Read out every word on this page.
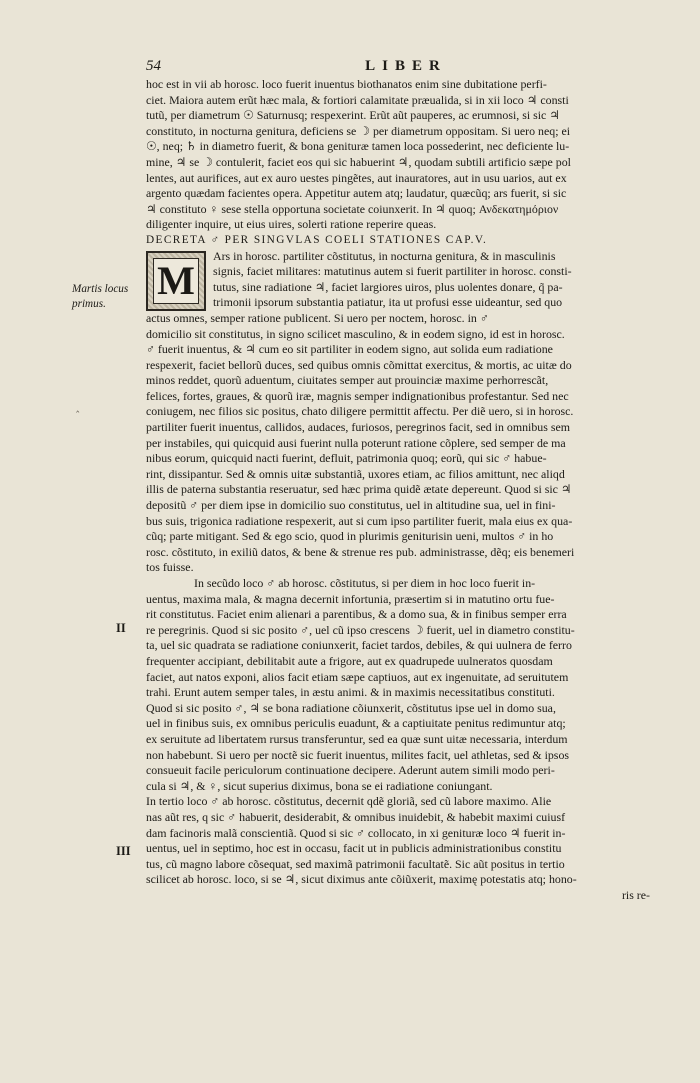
54	LIBER
Martis locus primus.
‸
II
III

hoc est in vii ab horosc. loco fuerit inuentus biothanatos enim sine dubitatione perfi-

ciet. Maiora autem erũt hæc mala, & fortiori calamitate præualida, si in xii loco ♃ consti

tutũ, per diametrum ☉ Saturnusq; respexerint. Erũt aũt pauperes, ac erumnosi, si sic ♃

constituto, in nocturna genitura, deficiens se ☽ per diametrum oppositam. Si uero neq; ei

☉, neq; ♄ in diametro fuerit, & bona genituræ tamen loca possederint, nec deficiente lu-

mine, ♃ se ☽ contulerit, faciet eos qui sic habuerint ♃, quodam subtili artificio sæpe pol

lentes, aut aurifices, aut ex auro uestes pingẽtes, aut inauratores, aut in usu uarios, aut ex

argento quædam facientes opera. Appetitur autem atq; laudatur, quæcũq; ars fuerit, si sic

♃ constituto ♀ sese stella opportuna societate coiunxerit. In ♃ quoq; Ανδεκατημόριον

diligenter inquire, ut eius uires, solerti ratione reperire queas.

DECRETA ♂ PER SINGVLAS COELI STATIONES CAP.V.

M

Ars in horosc. partiliter cõstitutus, in nocturna genitura, & in masculinis

signis, faciet militares: matutinus autem si fuerit partiliter in horosc. consti-

tutus, sine radiatione ♃, faciet largiores uiros, plus uolentes donare, q̃ pa-

trimonii ipsorum substantia patiatur, ita ut profusi esse uideantur, sed quo

actus omnes, semper ratione publicent. Si uero per noctem, horosc. in ♂

domicilio sit constitutus, in signo scilicet masculino, & in eodem signo, id est in horosc.

♂ fuerit inuentus, & ♃ cum eo sit partiliter in eodem signo, aut solida eum radiatione

respexerit, faciet bellorũ duces, sed quibus omnis cõmittat exercitus, & mortis, ac uitæ do

minos reddet, quorũ aduentum, ciuitates semper aut prouinciæ maxime perhorrescãt,

felices, fortes, graues, & quorũ iræ, magnis semper indignationibus profestantur. Sed nec

coniugem, nec filios sic positus, chato diligere permittit affectu. Per diẽ uero, si in horosc.

partiliter fuerit inuentus, callidos, audaces, furiosos, peregrinos facit, sed in omnibus sem

per instabiles, qui quicquid ausi fuerint nulla poterunt ratione cõplere, sed semper de ma

nibus eorum, quicquid nacti fuerint, defluit, patrimonia quoq; eorũ, qui sic ♂ habue-

rint, dissipantur. Sed & omnis uitæ substantiã, uxores etiam, ac filios amittunt, nec aliqd

illis de paterna substantia reseruatur, sed hæc prima quidẽ ætate depereunt. Quod si sic ♃

depositũ ♂ per diem ipse in domicilio suo constitutus, uel in altitudine sua, uel in fini-

bus suis, trigonica radiatione respexerit, aut si cum ipso partiliter fuerit, mala eius ex qua-

cũq; parte mitigant. Sed & ego scio, quod in plurimis geniturisin ueni, multos ♂ in ho

rosc. cõstituto, in exiliũ datos, & bene & strenue res pub. administrasse, dẽq; eis benemeri

tos fuisse.

In secũdo loco ♂ ab horosc. cõstitutus, si per diem in hoc loco fuerit in-

uentus, maxima mala, & magna decernit infortunia, præsertim si in matutino ortu fue-

rit constitutus. Faciet enim alienari a parentibus, & a domo sua, & in finibus semper erra

re peregrinis. Quod si sic posito ♂, uel cũ ipso crescens ☽ fuerit, uel in diametro constitu-

ta, uel sic quadrata se radiatione coniunxerit, faciet tardos, debiles, & qui uulnera de ferro

frequenter accipiant, debilitabit aute a frigore, aut ex quadrupede uulneratos quosdam

faciet, aut natos exponi, alios facit etiam sæpe captiuos, aut ex ingenuitate, ad seruitutem

trahi. Erunt autem semper tales, in æstu animi. & in maximis necessitatibus constituti.

Quod si sic posito ♂, ♃ se bona radiatione cõiunxerit, cõstitutus ipse uel in domo sua,

uel in finibus suis, ex omnibus periculis euadunt, & a captiuitate penitus redimuntur atq;

ex seruitute ad libertatem rursus transferuntur, sed ea quæ sunt uitæ necessaria, interdum

non habebunt. Si uero per noctẽ sic fuerit inuentus, milites facit, uel athletas, sed & ipsos

consueuit facile periculorum continuatione decipere. Aderunt autem simili modo peri-

cula si ♃, & ♀, sicut superius diximus, bona se ei radiatione coniungant.

In tertio loco ♂ ab horosc. cõstitutus, decernit qdẽ gloriã, sed cũ labore maximo. Alie

nas aũt res, q sic ♂ habuerit, desiderabit, & omnibus inuidebit, & habebit maximi cuiusf

dam facinoris malã conscientiã. Quod si sic ♂ collocato, in xi genituræ loco ♃ fuerit in-

uentus, uel in septimo, hoc est in occasu, facit ut in publicis administrationibus constitu

tus, cũ magno labore cõsequat, sed maximã patrimonii facultatẽ. Sic aũt positus in tertio

scilicet ab horosc. loco, si se ♃, sicut diximus ante cõiũxerit, maximę potestatis atq; hono-

ris re-
